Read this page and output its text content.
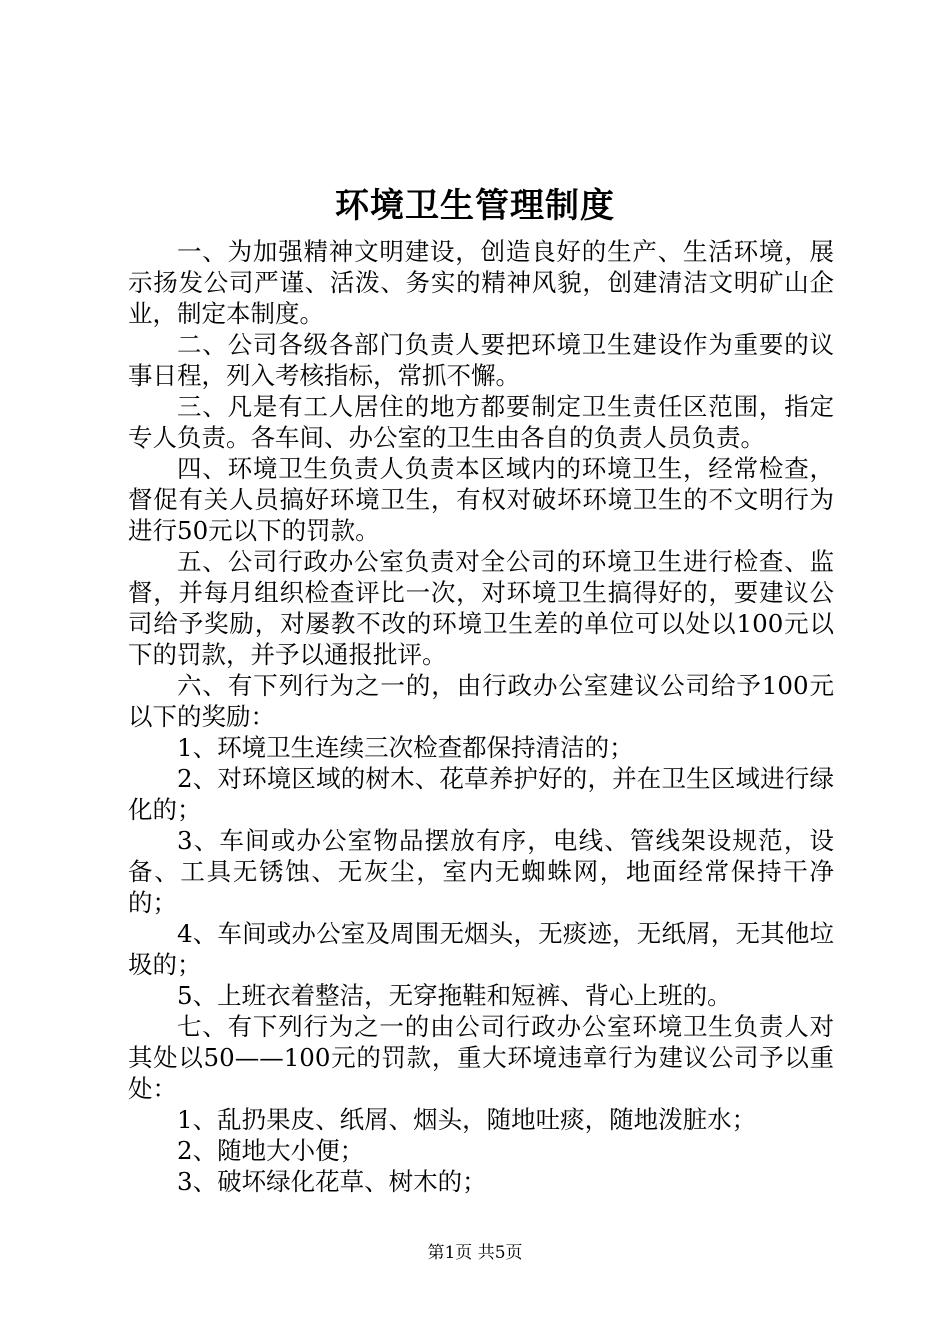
环境卫生管理制度

一、为加强精神文明建设，创造良好的生产、生活环境，展示扬发公司严谨、活泼、务实的精神风貌，创建清洁文明矿山企业，制定本制度。

二、公司各级各部门负责人要把环境卫生建设作为重要的议事日程，列入考核指标，常抓不懈。

三、凡是有工人居住的地方都要制定卫生责任区范围，指定专人负责。各车间、办公室的卫生由各自的负责人员负责。

四、环境卫生负责人负责本区域内的环境卫生，经常检查，督促有关人员搞好环境卫生，有权对破坏环境卫生的不文明行为进行50元以下的罚款。

五、公司行政办公室负责对全公司的环境卫生进行检查、监督，并每月组织检查评比一次，对环境卫生搞得好的，要建议公司给予奖励，对屡教不改的环境卫生差的单位可以处以100元以下的罚款，并予以通报批评。

六、有下列行为之一的，由行政办公室建议公司给予100元以下的奖励：

1、环境卫生连续三次检查都保持清洁的；

2、对环境区域的树木、花草养护好的，并在卫生区域进行绿化的；

3、车间或办公室物品摆放有序，电线、管线架设规范，设备、工具无锈蚀、无灰尘，室内无蜘蛛网，地面经常保持干净的；

4、车间或办公室及周围无烟头，无痰迹，无纸屑，无其他垃圾的；

5、上班衣着整洁，无穿拖鞋和短裤、背心上班的。

七、有下列行为之一的由公司行政办公室环境卫生负责人对其处以50——100元的罚款，重大环境违章行为建议公司予以重处：

1、乱扔果皮、纸屑、烟头，随地吐痰，随地泼脏水；

2、随地大小便；

3、破坏绿化花草、树木的；

第1页 共5页
